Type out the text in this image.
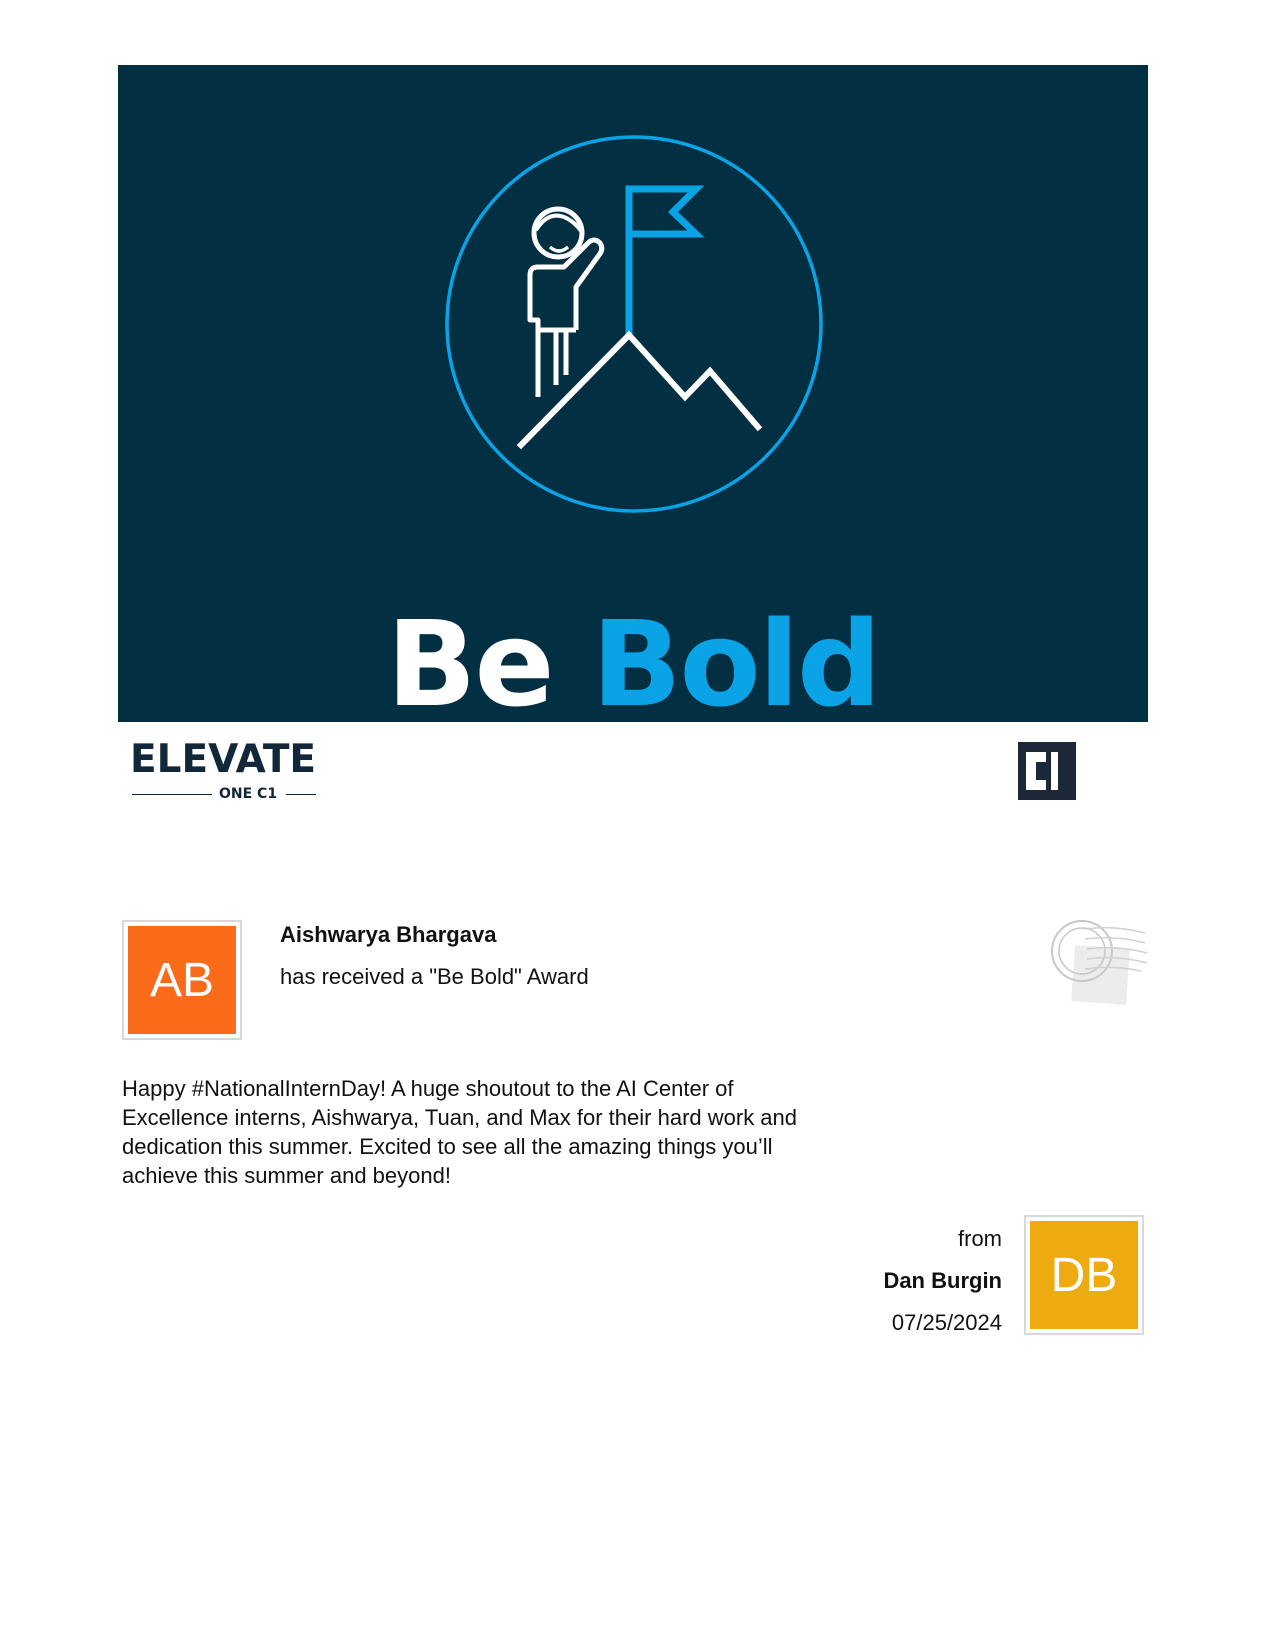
Be Bold
ELEVATE
ONE C1
AB
Aishwarya Bhargava
has received a "Be Bold" Award
Happy #NationalInternDay! A huge shoutout to the AI Center of
Excellence interns, Aishwarya, Tuan, and Max for their hard work and
dedication this summer. Excited to see all the amazing things you’ll
achieve this summer and beyond!
from
Dan Burgin
07/25/2024
DB
